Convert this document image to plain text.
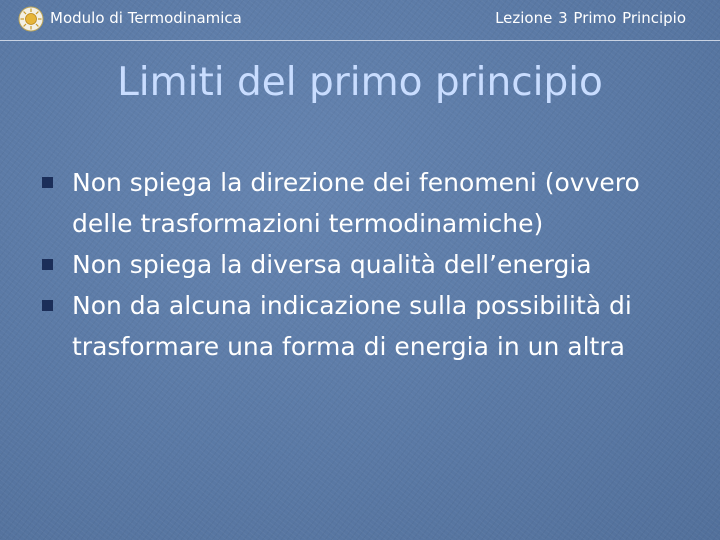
Modulo di Termodinamica	Lezione 3 Primo Principio
Limiti del primo principio
Non spiega la direzione dei fenomeni (ovvero delle trasformazioni termodinamiche)
Non spiega la diversa qualità dell’energia
Non da alcuna indicazione sulla possibilità di trasformare una forma di energia in un altra
